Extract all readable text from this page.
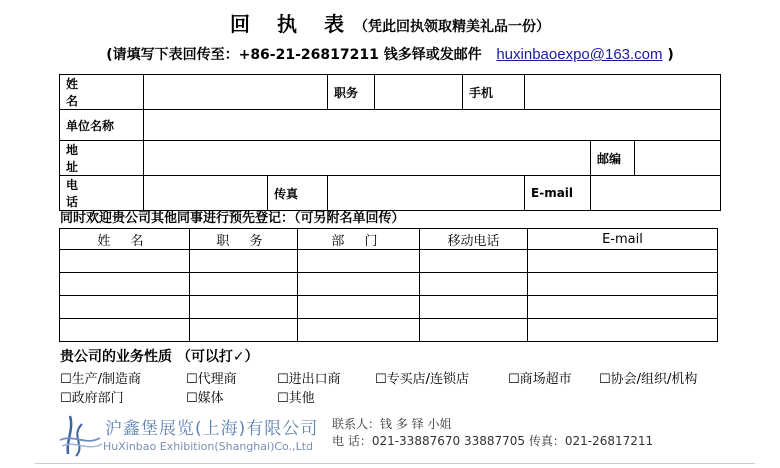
回 执 表（凭此回执领取精美礼品一份）
(请填写下表回传至：+86-21-26817211 钱多铎或发邮件 huxinbaoexpo@163.com )
姓 名			职务		手机			
单位名称								
地 址							邮编	
电 话		传真				E-mail		
同时欢迎贵公司其他同事进行预先登记：（可另附名单回传）
姓 名	职 务	部 门	移动电话	E-mail

贵公司的业务性质 （可以打✓）
☐生产/制造商	☐代理商	☐进出口商	☐专买店/连锁店	☐商场超市 ☐协会/组织/机构
☐政府部门	☐媒体	☐其他
沪鑫堡展览(上海)有限公司
HuXinbao Exhibition(Shanghai)Co.,Ltd
联系人：钱 多 铎 小姐
电 话：021-33887670 33887705 传真：021-26817211
